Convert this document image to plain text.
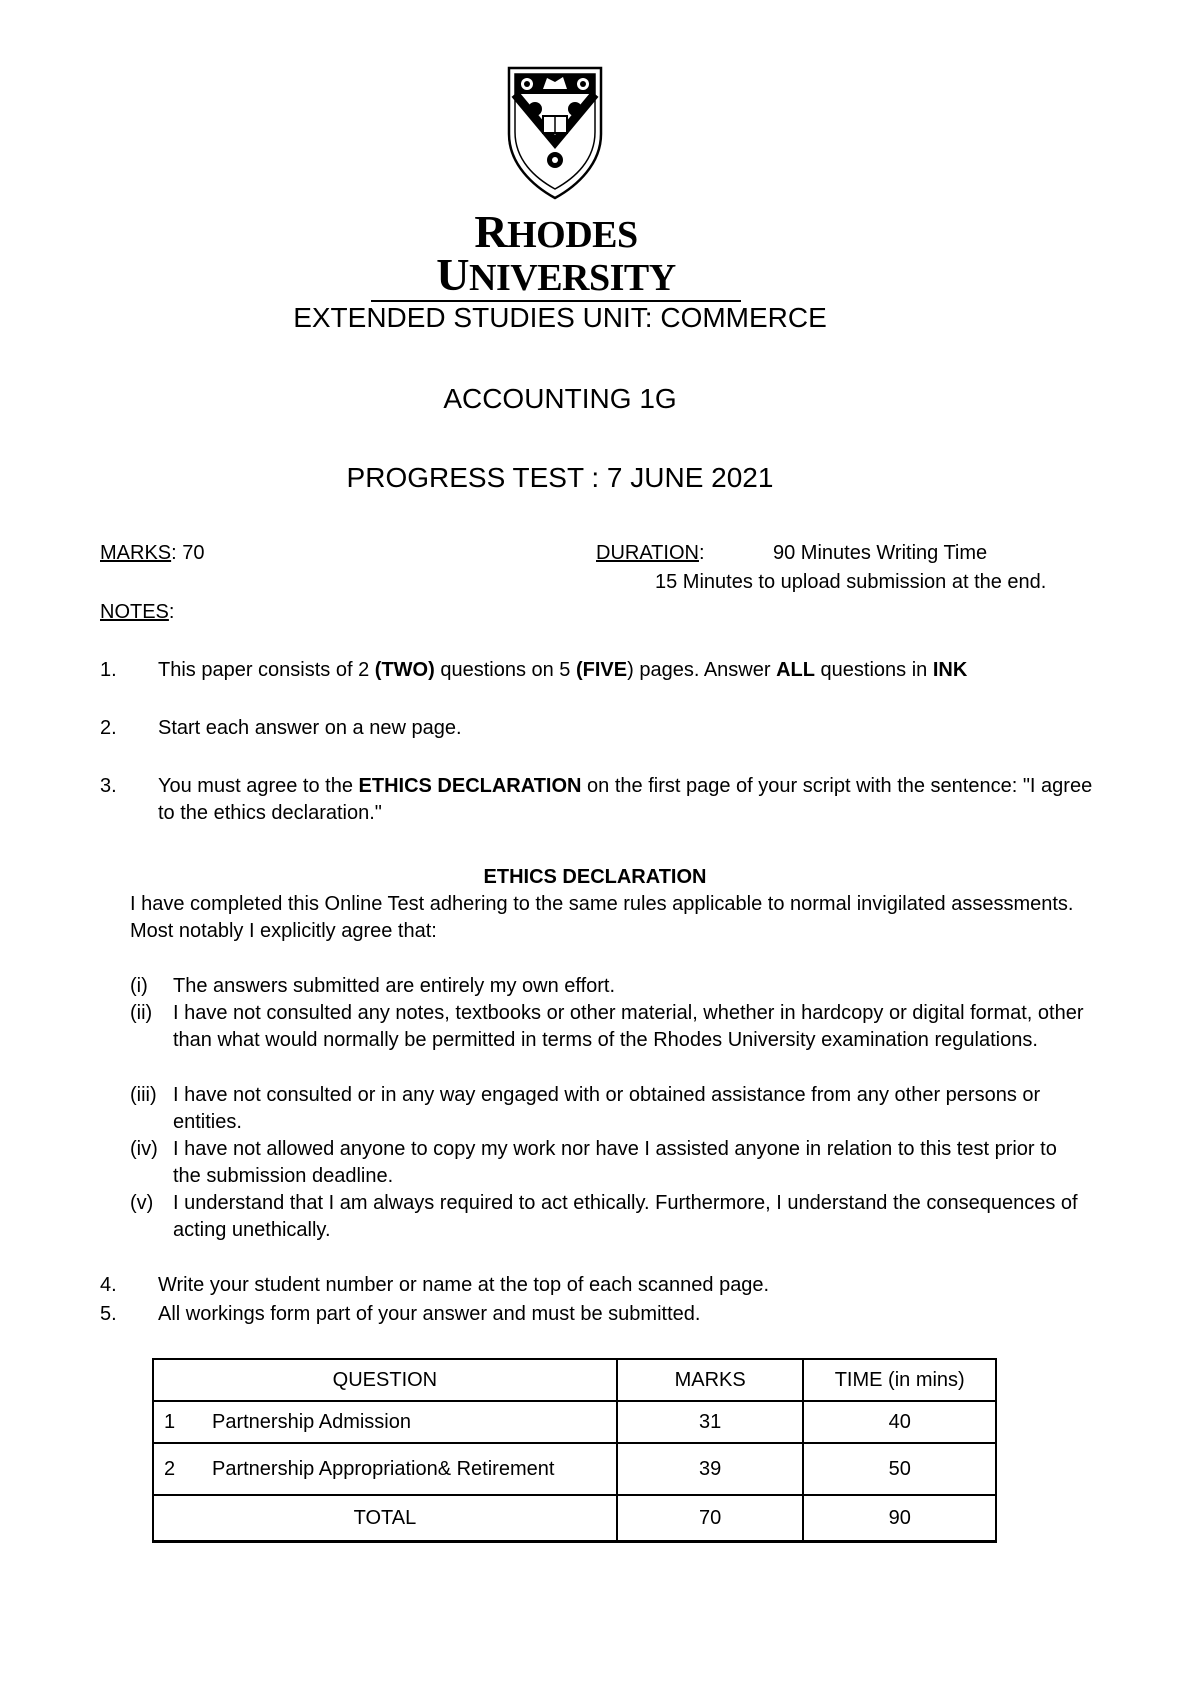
RHODES UNIVERSITY
EXTENDED STUDIES UNIT: COMMERCE
ACCOUNTING 1G
PROGRESS TEST : 7 JUNE 2021
MARKS: 70	DURATION:	90 Minutes Writing Time
15 Minutes to upload submission at the end.
NOTES:
1. This paper consists of 2 (TWO) questions on 5 (FIVE) pages. Answer ALL questions in INK
2. Start each answer on a new page.
3. You must agree to the ETHICS DECLARATION on the first page of your script with the sentence: "I agree to the ethics declaration."
ETHICS DECLARATION
I have completed this Online Test adhering to the same rules applicable to normal invigilated assessments. Most notably I explicitly agree that:
(i) The answers submitted are entirely my own effort.
(ii) I have not consulted any notes, textbooks or other material, whether in hardcopy or digital format, other than what would normally be permitted in terms of the Rhodes University examination regulations.
(iii) I have not consulted or in any way engaged with or obtained assistance from any other persons or entities.
(iv) I have not allowed anyone to copy my work nor have I assisted anyone in relation to this test prior to the submission deadline.
(v) I understand that I am always required to act ethically. Furthermore, I understand the consequences of acting unethically.
4. Write your student number or name at the top of each scanned page.
5. All workings form part of your answer and must be submitted.
QUESTION	MARKS	TIME (in mins)
1 Partnership Admission	31	40
2 Partnership Appropriation& Retirement	39	50
TOTAL	70	90
